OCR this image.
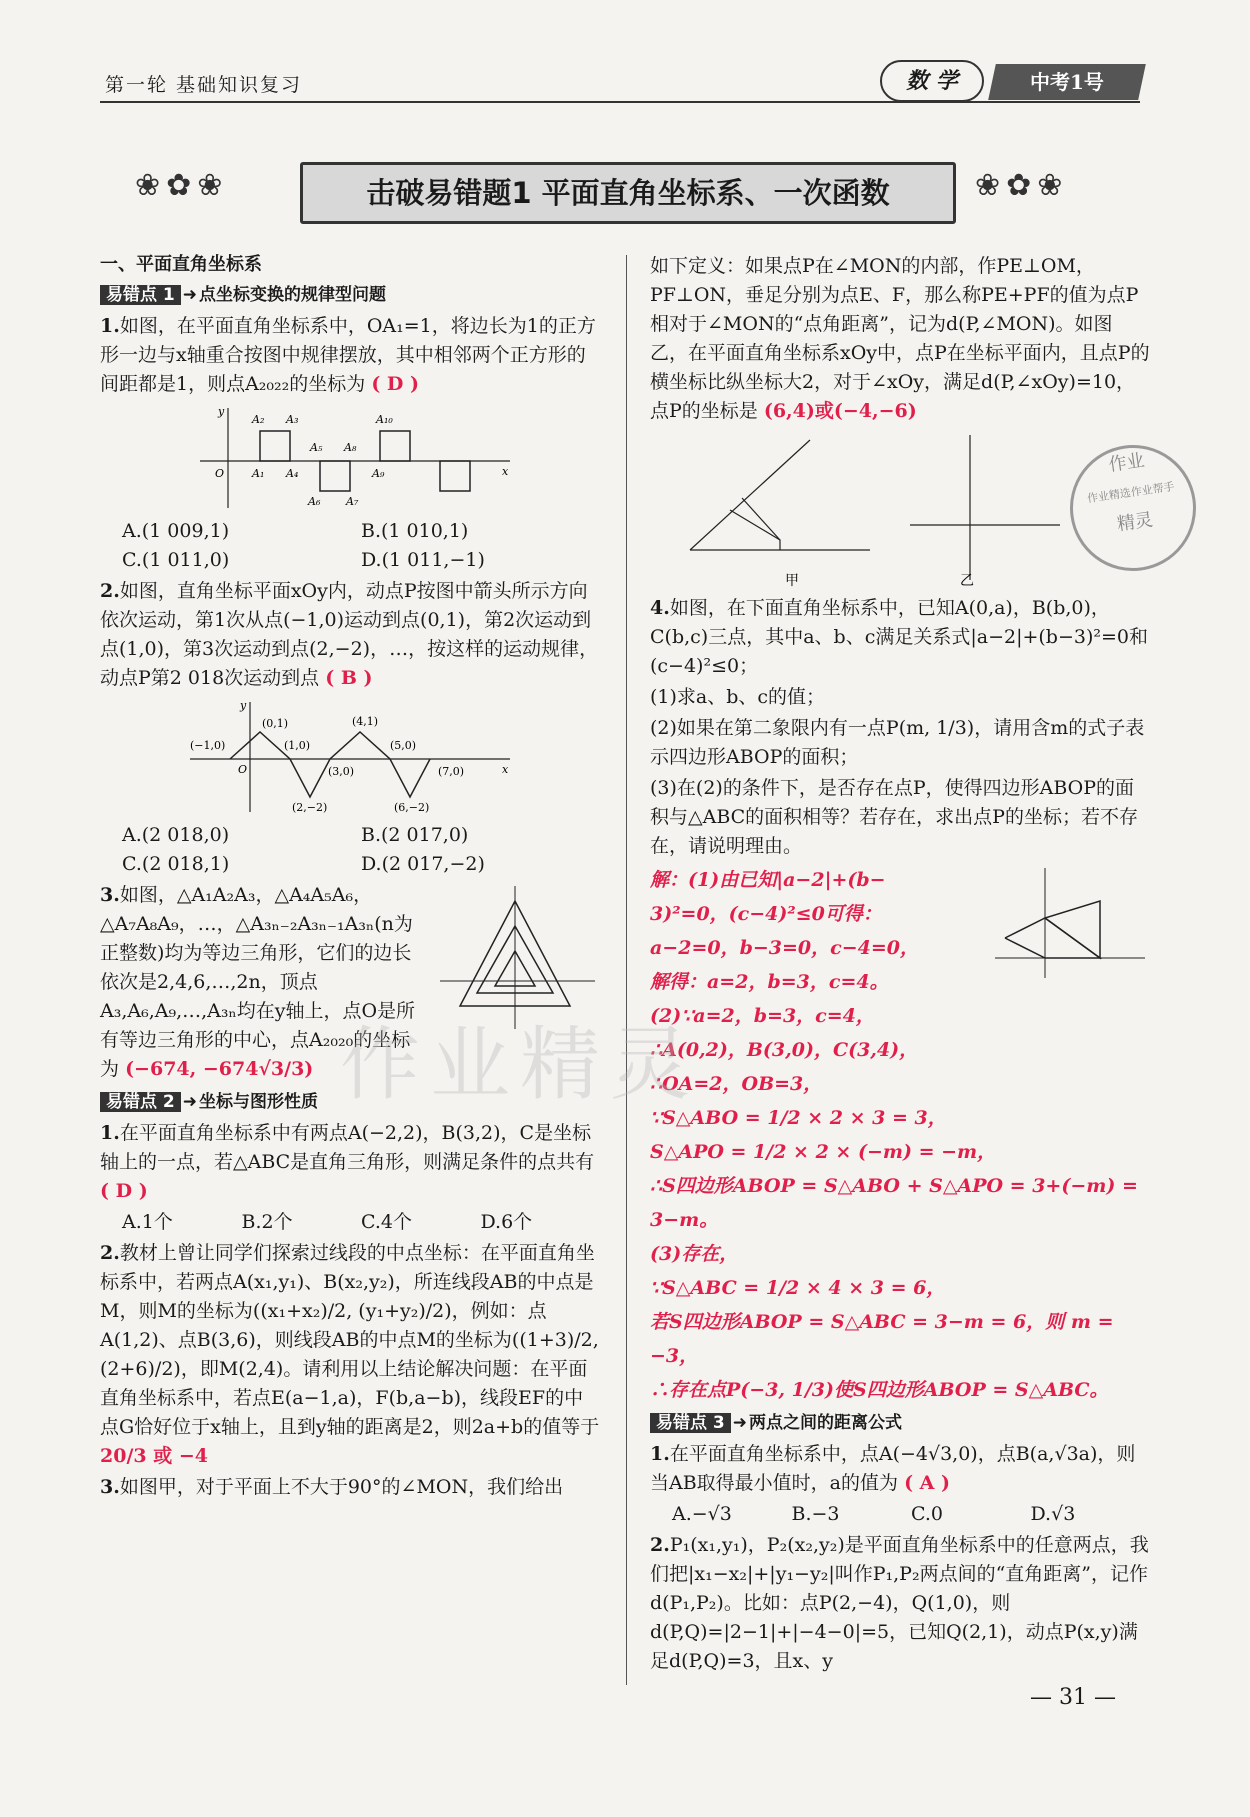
第一轮 基础知识复习	数 学	中考1号
❀✿❀	击破易错题1 平面直角坐标系、一次函数	❀✿❀
一、平面直角坐标系
易错点 1 ➜ 点坐标变换的规律型问题
1.如图，在平面直角坐标系中，OA₁=1，将边长为1的正方形一边与x轴重合按图中规律摆放，其中相邻两个正方形的间距都是1，则点A₂₀₂₂的坐标为 ( D )
A₂ A₃	A₁₀
A₅ A₈
O	A₁ A₄	A₉
A₆ A₇
x
y
A.(1 009,1)	B.(1 010,1)
C.(1 011,0)	D.(1 011,−1)
2.如图，直角坐标平面xOy内，动点P按图中箭头所示方向依次运动，第1次从点(−1,0)运动到点(0,1)，第2次运动到点(1,0)，第3次运动到点(2,−2)，…，按这样的运动规律，动点P第2 018次运动到点 ( B )
(−1,0)
(0,1)
(1,0)
(4,1)
(5,0)
(3,0)	(7,0)
(2,−2)	(6,−2)
O	x
y
A.(2 018,0)	B.(2 017,0)
C.(2 018,1)	D.(2 017,−2)
3.如图，△A₁A₂A₃，△A₄A₅A₆，△A₇A₈A₉，…，△A₃ₙ₋₂A₃ₙ₋₁A₃ₙ(n为正整数)均为等边三角形，它们的边长依次是2,4,6,…,2n，顶点A₃,A₆,A₉,…,A₃ₙ均在y轴上，点O是所有等边三角形的中心，点A₂₀₂₀的坐标为 (−674, −674√3/3)
易错点 2 ➜ 坐标与图形性质
1.在平面直角坐标系中有两点A(−2,2)，B(3,2)，C是坐标轴上的一点，若△ABC是直角三角形，则满足条件的点共有 ( D )
A.1个	B.2个	C.4个	D.6个
2.教材上曾让同学们探索过线段的中点坐标：在平面直角坐标系中，若两点A(x₁,y₁)、B(x₂,y₂)，所连线段AB的中点是M，则M的坐标为((x₁+x₂)/2, (y₁+y₂)/2)，例如：点A(1,2)、点B(3,6)，则线段AB的中点M的坐标为((1+3)/2, (2+6)/2)，即M(2,4)。请利用以上结论解决问题：在平面直角坐标系中，若点E(a−1,a)，F(b,a−b)，线段EF的中点G恰好位于x轴上，且到y轴的距离是2，则2a+b的值等于 20/3 或 −4
3.如图甲，对于平面上不大于90°的∠MON，我们给出
如下定义：如果点P在∠MON的内部，作PE⊥OM，PF⊥ON，垂足分别为点E、F，那么称PE+PF的值为点P相对于∠MON的“点角距离”，记为d(P,∠MON)。如图乙，在平面直角坐标系xOy中，点P在坐标平面内，且点P的横坐标比纵坐标大2，对于∠xOy，满足d(P,∠xOy)=10，点P的坐标是 (6,4)或(−4,−6)
甲	乙
4.如图，在下面直角坐标系中，已知A(0,a)，B(b,0)，C(b,c)三点，其中a、b、c满足关系式|a−2|+(b−3)²=0和(c−4)²≤0；
(1)求a、b、c的值；
(2)如果在第二象限内有一点P(m, 1/3)，请用含m的式子表示四边形ABOP的面积；
(3)在(2)的条件下，是否存在点P，使得四边形ABOP的面积与△ABC的面积相等？若存在，求出点P的坐标；若不存在，请说明理由。
解：(1)由已知|a−2|+(b−
3)²=0，(c−4)²≤0可得：
a−2=0，b−3=0，c−4=0，
解得：a=2，b=3，c=4。
(2)∵a=2，b=3，c=4，
∴A(0,2)，B(3,0)，C(3,4)，
∴OA=2，OB=3，
∵S△ABO = 1/2 × 2 × 3 = 3，
S△APO = 1/2 × 2 × (−m) = −m，
∴S四边形ABOP = S△ABO + S△APO = 3+(−m) = 3−m。
(3)存在，
∵S△ABC = 1/2 × 4 × 3 = 6，
若S四边形ABOP = S△ABC = 3−m = 6，则 m = −3，
∴存在点P(−3, 1/3)使S四边形ABOP = S△ABC。
易错点 3 ➜ 两点之间的距离公式
1.在平面直角坐标系中，点A(−4√3,0)，点B(a,√3a)，则当AB取得最小值时，a的值为 ( A )
A.−√3	B.−3	C.0	D.√3
2.P₁(x₁,y₁)，P₂(x₂,y₂)是平面直角坐标系中的任意两点，我们把|x₁−x₂|+|y₁−y₂|叫作P₁,P₂两点间的“直角距离”，记作d(P₁,P₂)。比如：点P(2,−4)，Q(1,0)，则d(P,Q)=|2−1|+|−4−0|=5，已知Q(2,1)，动点P(x,y)满足d(P,Q)=3，且x、y
作业
作业精选作业帮手
精灵
作业精灵
— 31 —
